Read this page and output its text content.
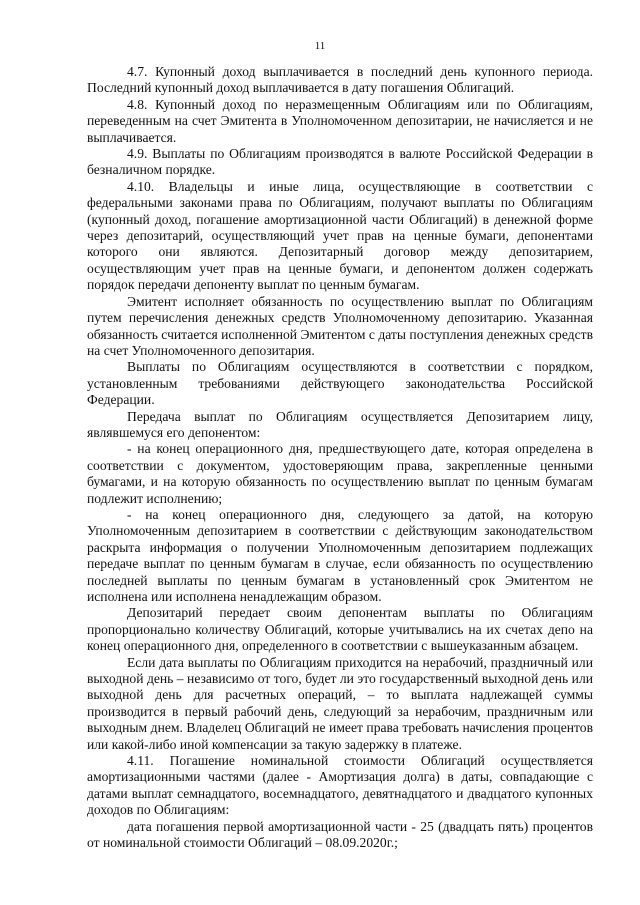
11

4.7. Купонный доход выплачивается в последний день купонного периода. Последний купонный доход выплачивается в дату погашения Облигаций.

4.8. Купонный доход по неразмещенным Облигациям или по Облигациям, переведенным на счет Эмитента в Уполномоченном депозитарии, не начисляется и не выплачивается.

4.9. Выплаты по Облигациям производятся в валюте Российской Федерации в безналичном порядке.

4.10. Владельцы и иные лица, осуществляющие в соответствии с федеральными законами права по Облигациям, получают выплаты по Облигациям (купонный доход, погашение амортизационной части Облигаций) в денежной форме через депозитарий, осуществляющий учет прав на ценные бумаги, депонентами которого они являются. Депозитарный договор между депозитарием, осуществляющим учет прав на ценные бумаги, и депонентом должен содержать порядок передачи депоненту выплат по ценным бумагам.

Эмитент исполняет обязанность по осуществлению выплат по Облигациям путем перечисления денежных средств Уполномоченному депозитарию. Указанная обязанность считается исполненной Эмитентом с даты поступления денежных средств на счет Уполномоченного депозитария.

Выплаты по Облигациям осуществляются в соответствии с порядком, установленным требованиями действующего законодательства Российской Федерации.

Передача выплат по Облигациям осуществляется Депозитарием лицу, являвшемуся его депонентом:

- на конец операционного дня, предшествующего дате, которая определена в соответствии с документом, удостоверяющим права, закрепленные ценными бумагами, и на которую обязанность по осуществлению выплат по ценным бумагам подлежит исполнению;

- на конец операционного дня, следующего за датой, на которую Уполномоченным депозитарием в соответствии с действующим законодательством раскрыта информация о получении Уполномоченным депозитарием подлежащих передаче выплат по ценным бумагам в случае, если обязанность по осуществлению последней выплаты по ценным бумагам в установленный срок Эмитентом не исполнена или исполнена ненадлежащим образом.

Депозитарий передает своим депонентам выплаты по Облигациям пропорционально количеству Облигаций, которые учитывались на их счетах депо на конец операционного дня, определенного в соответствии с вышеуказанным абзацем.

Если дата выплаты по Облигациям приходится на нерабочий, праздничный или выходной день – независимо от того, будет ли это государственный выходной день или выходной день для расчетных операций, – то выплата надлежащей суммы производится в первый рабочий день, следующий за нерабочим, праздничным или выходным днем. Владелец Облигаций не имеет права требовать начисления процентов или какой-либо иной компенсации за такую задержку в платеже.

4.11. Погашение номинальной стоимости Облигаций осуществляется амортизационными частями (далее - Амортизация долга) в даты, совпадающие с датами выплат семнадцатого, восемнадцатого, девятнадцатого и двадцатого купонных доходов по Облигациям:

дата погашения первой амортизационной части - 25 (двадцать пять) процентов от номинальной стоимости Облигаций – 08.09.2020г.;
